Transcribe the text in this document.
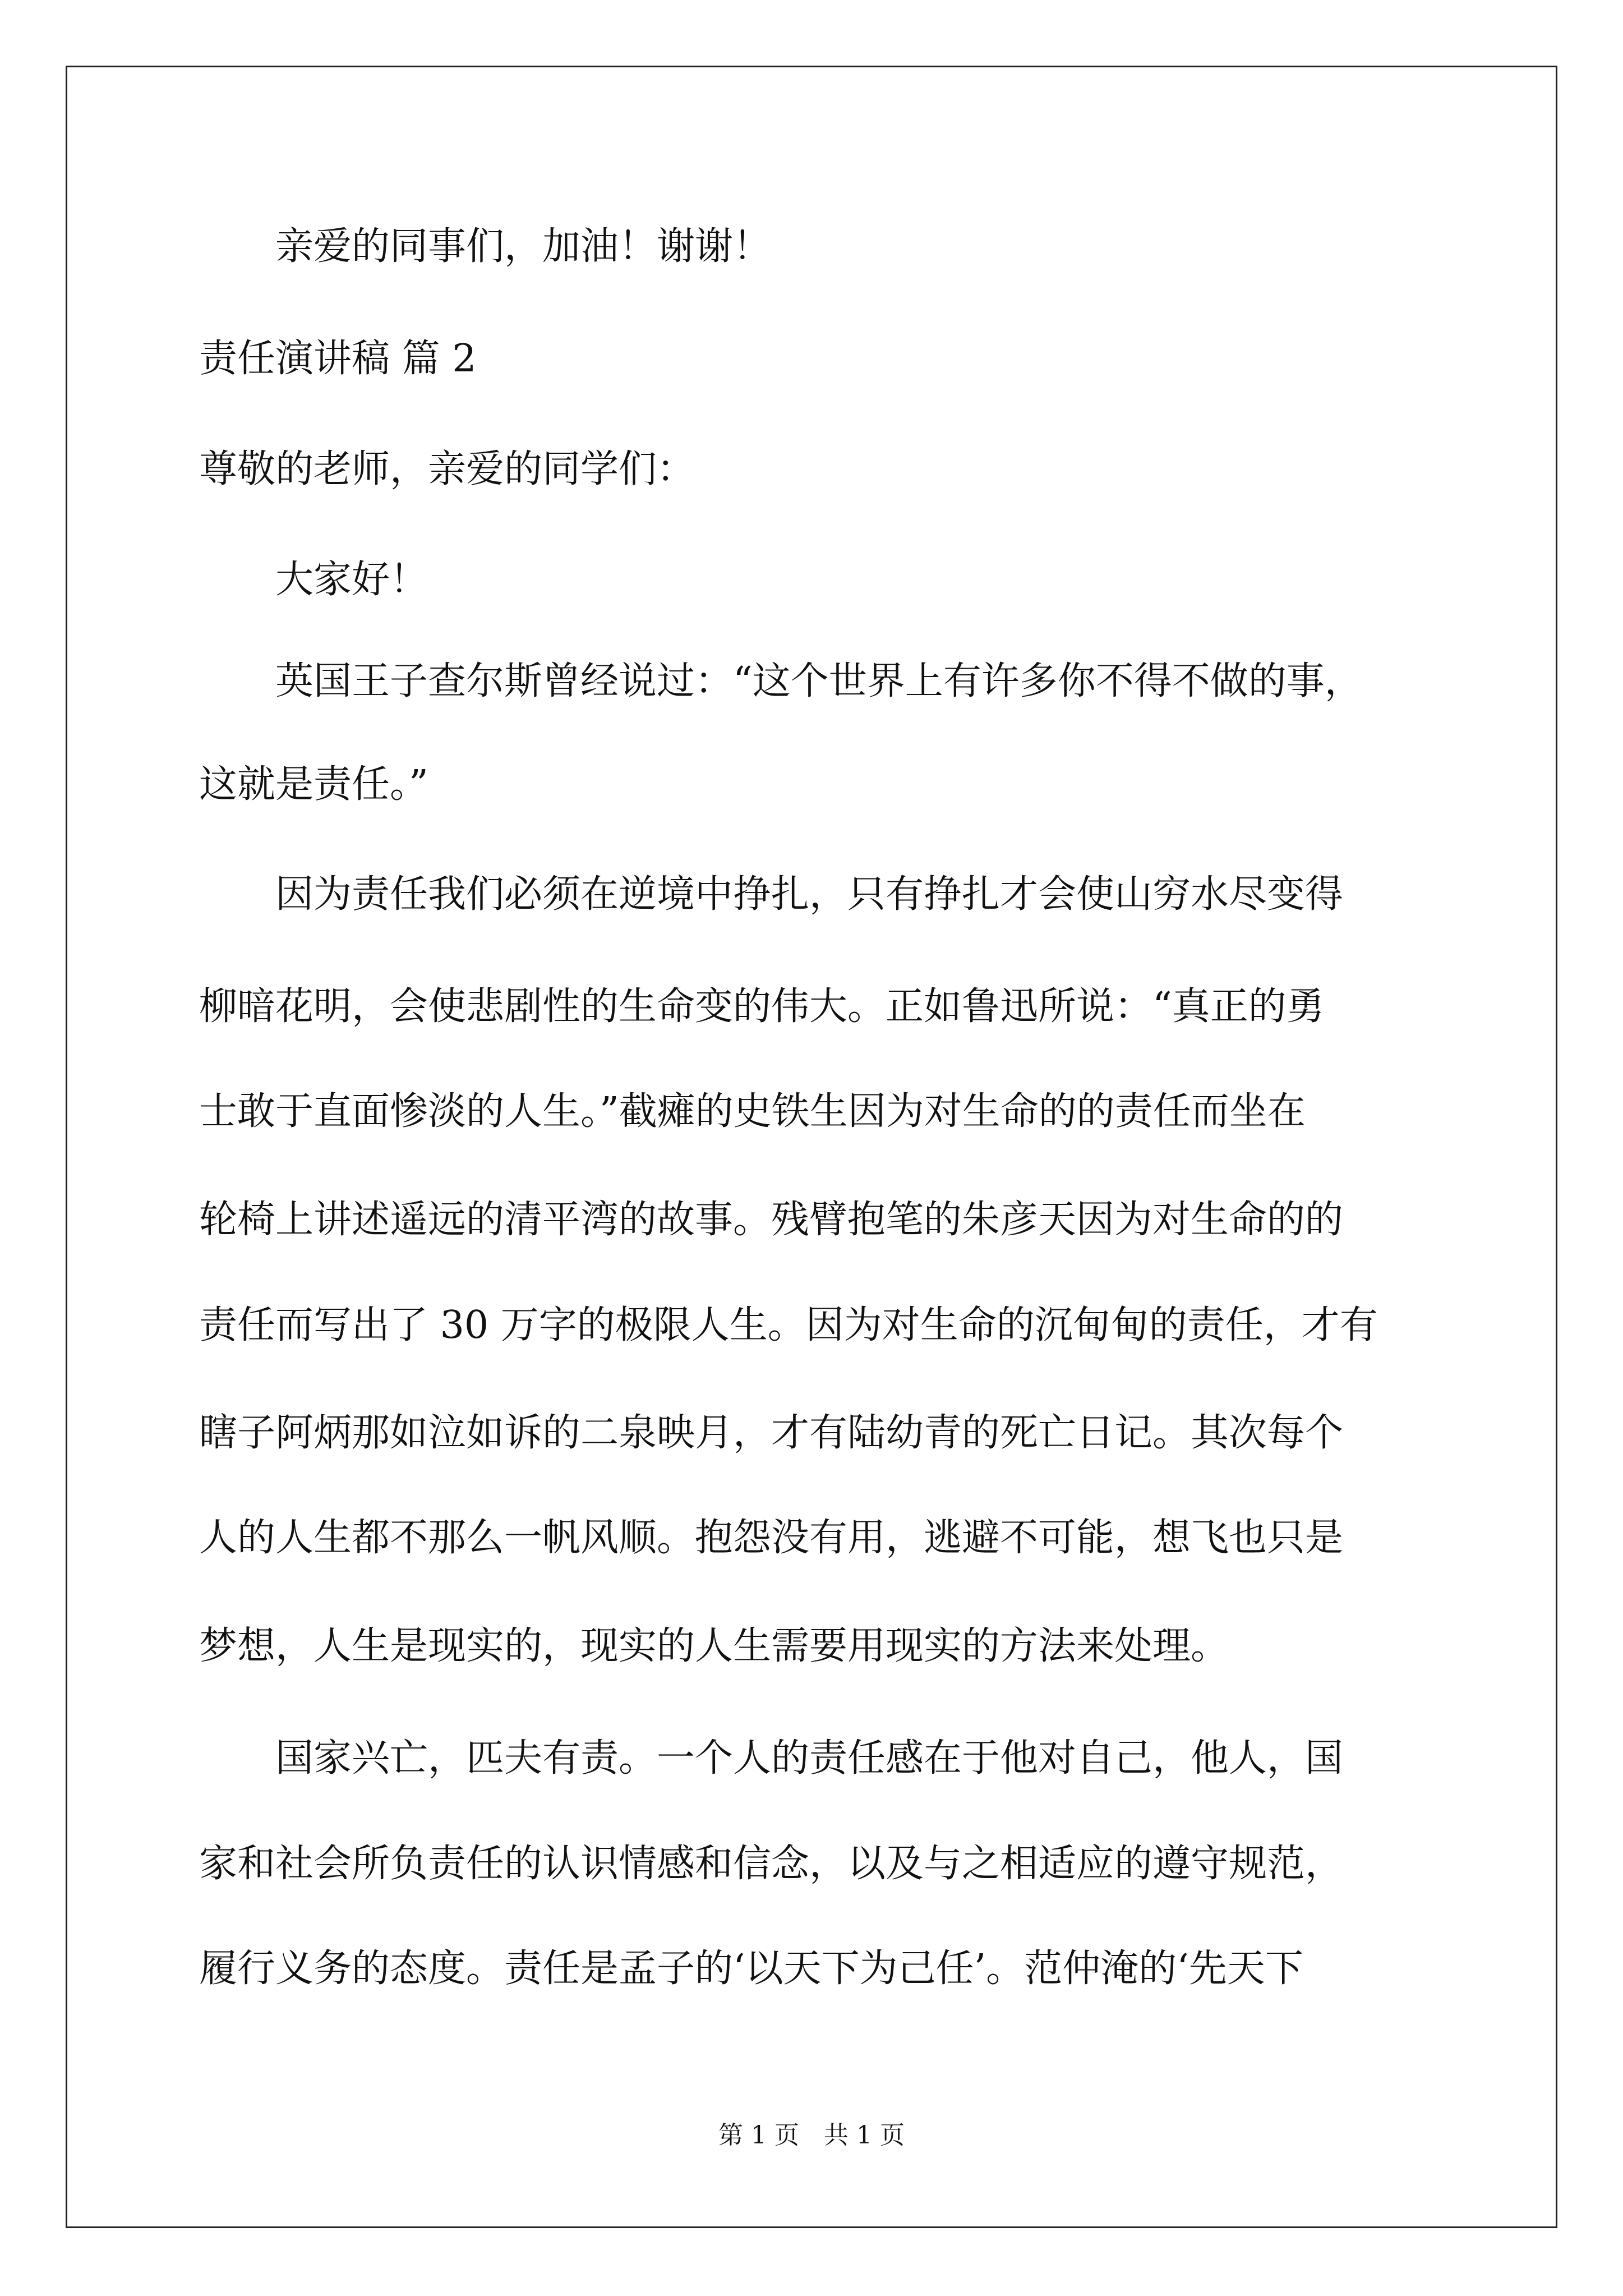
　　亲爱的同事们，加油！谢谢！

责任演讲稿 篇 2

尊敬的老师，亲爱的同学们：

　　大家好！

　　英国王子查尔斯曾经说过：“这个世界上有许多你不得不做的事，

这就是责任。”

　　因为责任我们必须在逆境中挣扎，只有挣扎才会使山穷水尽变得

柳暗花明，会使悲剧性的生命变的伟大。正如鲁迅所说：“真正的勇

士敢于直面惨淡的人生。”截瘫的史铁生因为对生命的的责任而坐在

轮椅上讲述遥远的清平湾的故事。残臂抱笔的朱彦天因为对生命的的

责任而写出了 30 万字的极限人生。因为对生命的沉甸甸的责任，才有

瞎子阿炳那如泣如诉的二泉映月，才有陆幼青的死亡日记。其次每个

人的人生都不那么一帆风顺。抱怨没有用，逃避不可能，想飞也只是

梦想，人生是现实的，现实的人生需要用现实的方法来处理。

　　国家兴亡，匹夫有责。一个人的责任感在于他对自己，他人，国

家和社会所负责任的认识情感和信念，以及与之相适应的遵守规范，

履行义务的态度。责任是孟子的‘以天下为己任’。范仲淹的‘先天下

第 1 页　共 1 页
